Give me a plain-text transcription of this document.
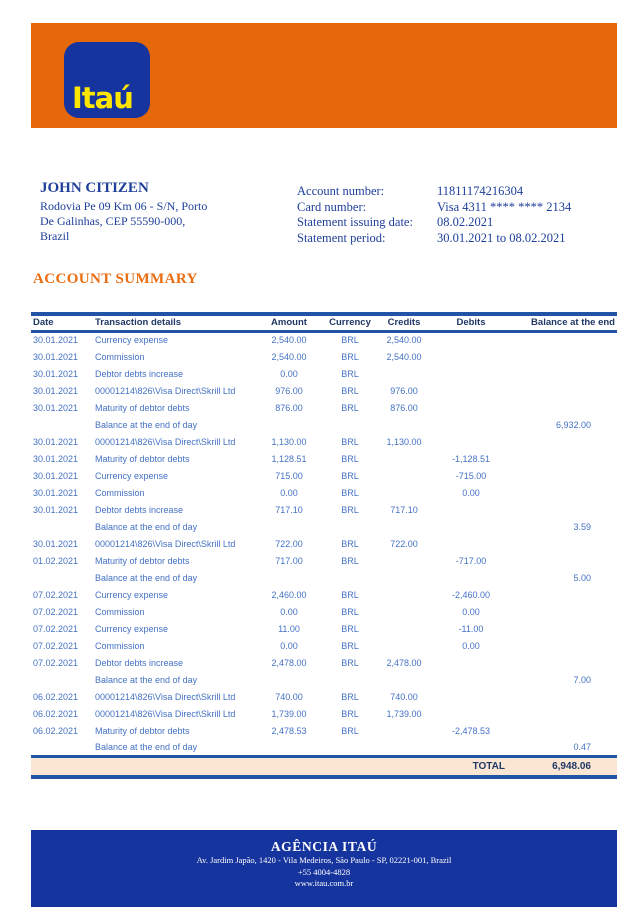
Itaú
JOHN CITIZEN
Rodovia Pe 09 Km 06 - S/N, Porto
De Galinhas, CEP 55590-000,
Brazil
Account number:	11811174216304
Card number:	Visa 4311 **** **** 2134
Statement issuing date:	08.02.2021
Statement period:	30.01.2021 to 08.02.2021
ACCOUNT SUMMARY
Date	Transaction details	Amount	Currency	Credits	Debits	Balance at the end
30.01.2021	Currency expense	2,540.00	BRL	2,540.00		
30.01.2021	Commission	2,540.00	BRL	2,540.00		
30.01.2021	Debtor debts increase	0.00	BRL			
30.01.2021	00001214\826\Visa Direct\Skrill Ltd	976.00	BRL	976.00		
30.01.2021	Maturity of debtor debts	876.00	BRL	876.00		
	Balance at the end of day					6,932.00
30.01.2021	00001214\826\Visa Direct\Skrill Ltd	1,130.00	BRL	1,130.00		
30.01.2021	Maturity of debtor debts	1,128.51	BRL		-1,128.51	
30.01.2021	Currency expense	715.00	BRL		-715.00	
30.01.2021	Commission	0.00	BRL		0.00	
30.01.2021	Debtor debts increase	717.10	BRL	717.10		
	Balance at the end of day					3.59
30.01.2021	00001214\826\Visa Direct\Skrill Ltd	722.00	BRL	722.00		
01.02.2021	Maturity of debtor debts	717.00	BRL		-717.00	
	Balance at the end of day					5.00
07.02.2021	Currency expense	2,460.00	BRL		-2,460.00	
07.02.2021	Commission	0.00	BRL		0.00	
07.02.2021	Currency expense	11.00	BRL		-11.00	
07.02.2021	Commission	0.00	BRL		0.00	
07.02.2021	Debtor debts increase	2,478.00	BRL	2,478.00		
	Balance at the end of day					7.00
06.02.2021	00001214\826\Visa Direct\Skrill Ltd	740.00	BRL	740.00		
06.02.2021	00001214\826\Visa Direct\Skrill Ltd	1,739.00	BRL	1,739.00		
06.02.2021	Maturity of debtor debts	2,478.53	BRL		-2,478.53	
	Balance at the end of day					0.47
					TOTAL	6,948.06
AGÊNCIA ITAÚ
Av. Jardim Japão, 1420 - Vila Medeiros, São Paulo - SP, 02221-001, Brazil
+55 4004-4828
www.itau.com.br
